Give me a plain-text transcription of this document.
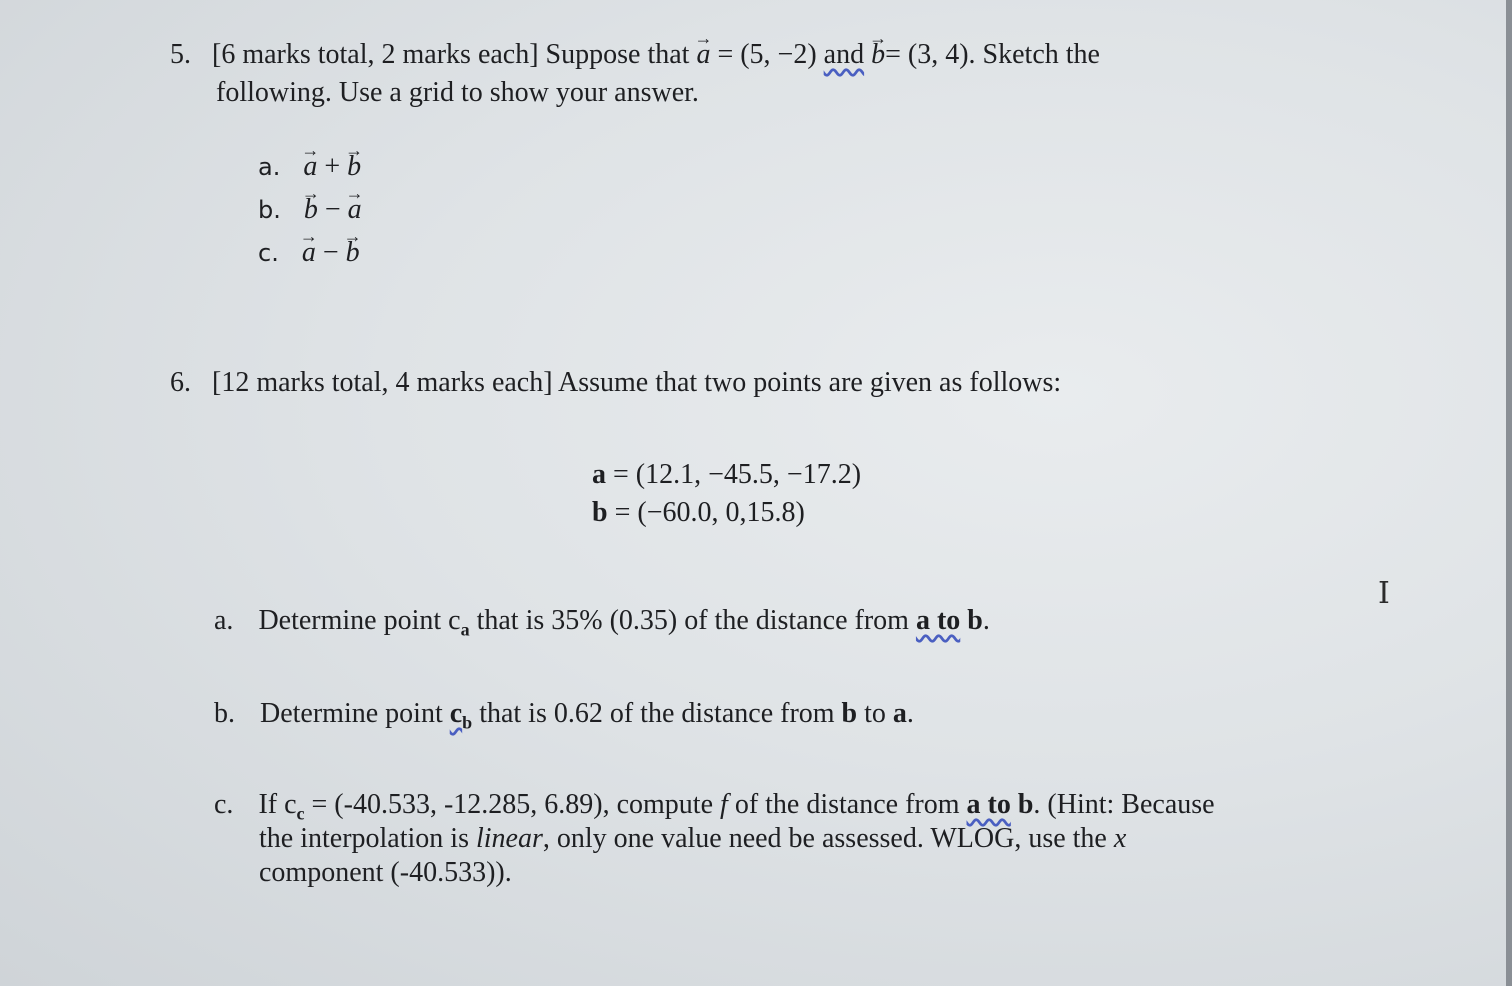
5. [6 marks total, 2 marks each] Suppose that → a = (5, −2) and → b= (3, 4). Sketch the
following. Use a grid to show your answer.
a. → a + → b
b. → b − → a
c. → a − → b
6. [12 marks total, 4 marks each] Assume that two points are given as follows:
a = (12.1, −45.5, −17.2)
b = (−60.0, 0,15.8)
a. Determine point $c_a$ that is 35% (0.35) of the distance from a to b.
b. Determine point $c_b$ that is 0.62 of the distance from b to a.
c. If $c_c = (-40.533$, -12.285, 6.89), compute f of the distance from a to b. (Hint: Because
the interpolation is linear, only one value need be assessed. WLOG, use the x
component (-40.533)).
I
